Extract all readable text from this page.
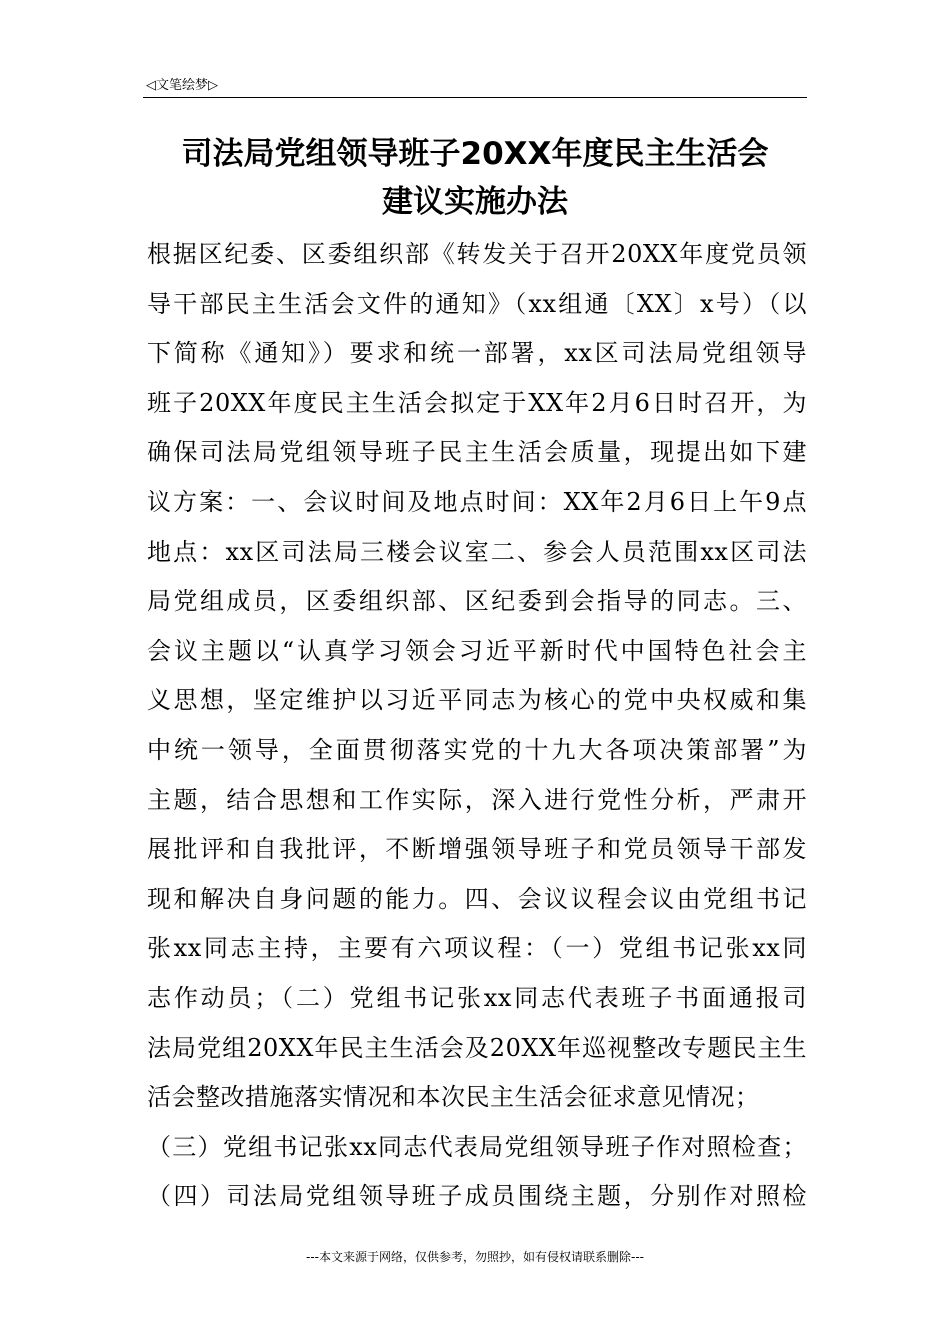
◁文笔绘梦▷
司法局党组领导班子20XX年度民主生活会
建议实施办法
根据区纪委、区委组织部《转发关于召开20XX年度党员领
导干部民主生活会文件的通知》（xx组通〔XX〕x号）（以
下简称《通知》）要求和统一部署，xx区司法局党组领导
班子20XX年度民主生活会拟定于XX年2月6日时召开，为
确保司法局党组领导班子民主生活会质量，现提出如下建
议方案：一、会议时间及地点时间：XX年2月6日上午9点
地点：xx区司法局三楼会议室二、参会人员范围xx区司法
局党组成员，区委组织部、区纪委到会指导的同志。三、
会议主题以“认真学习领会习近平新时代中国特色社会主
义思想，坚定维护以习近平同志为核心的党中央权威和集
中统一领导，全面贯彻落实党的十九大各项决策部署”为
主题，结合思想和工作实际，深入进行党性分析，严肃开
展批评和自我批评，不断增强领导班子和党员领导干部发
现和解决自身问题的能力。四、会议议程会议由党组书记
张xx同志主持，主要有六项议程：（一）党组书记张xx同
志作动员；（二）党组书记张xx同志代表班子书面通报司
法局党组20XX年民主生活会及20XX年巡视整改专题民主生
活会整改措施落实情况和本次民主生活会征求意见情况；
（三）党组书记张xx同志代表局党组领导班子作对照检查；
（四）司法局党组领导班子成员围绕主题，分别作对照检
---本文来源于网络，仅供参考，勿照抄，如有侵权请联系删除---
